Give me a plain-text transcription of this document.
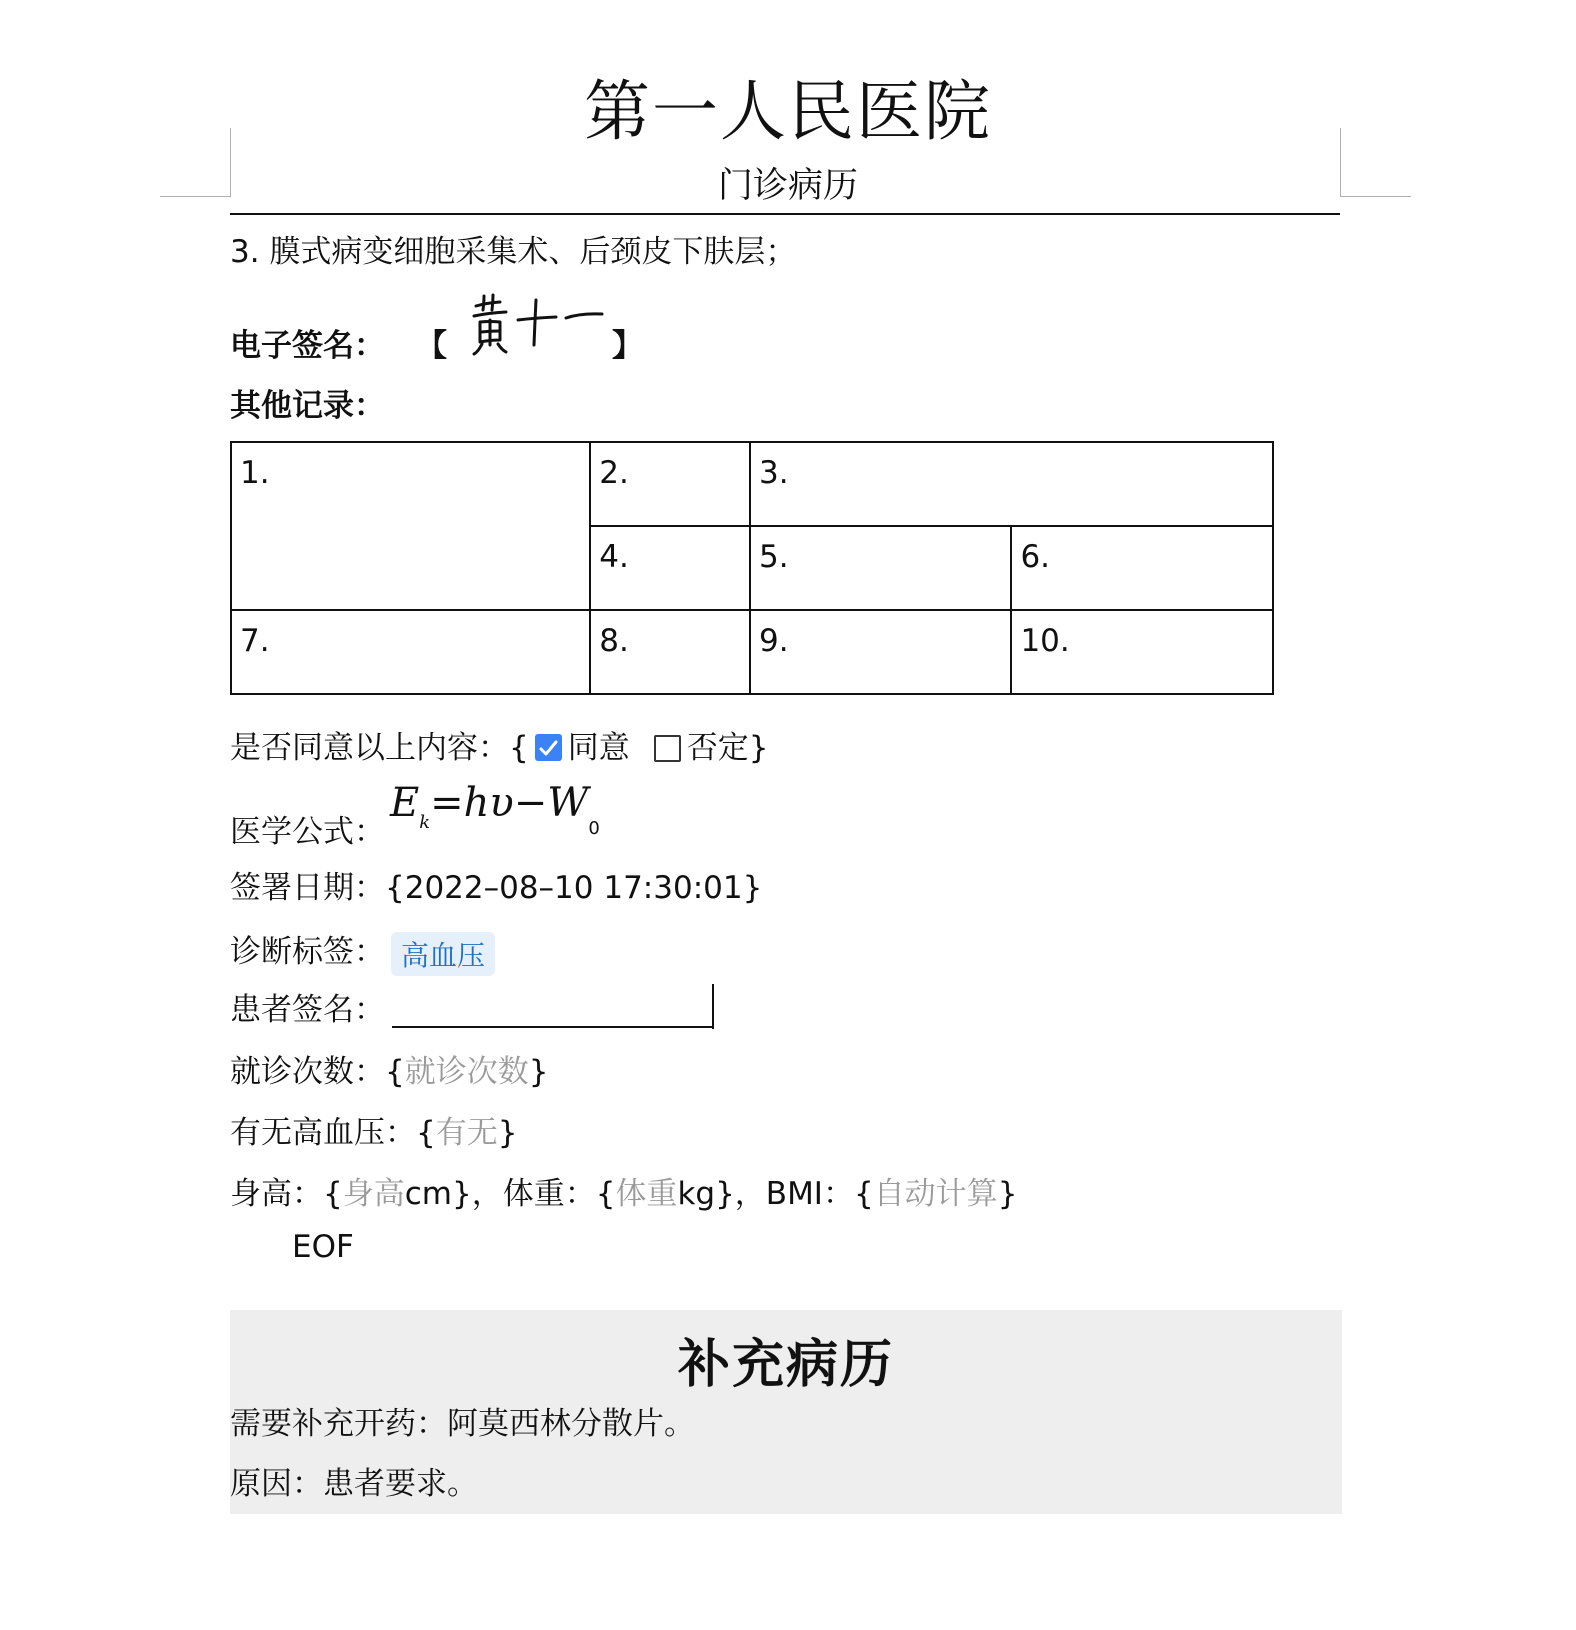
第一人民医院
门诊病历
3. 膜式病变细胞采集术、后颈皮下肤层；
电子签名： 【	】
其他记录：
1.	2.	3.	
	4.	5.	6.
7.	8.	9.	10.
是否同意以上内容：{ 同意 否定}
医学公式：
$E_k=h\upsilon-W_0$
签署日期：{2022–08–10 17:30:01}
诊断标签： 高血压
患者签名：
就诊次数：{就诊次数}
有无高血压：{有无}
身高：{身高cm}，体重：{体重kg}，BMI：{自动计算}
EOF
补充病历
需要补充开药：阿莫西林分散片。
原因：患者要求。
